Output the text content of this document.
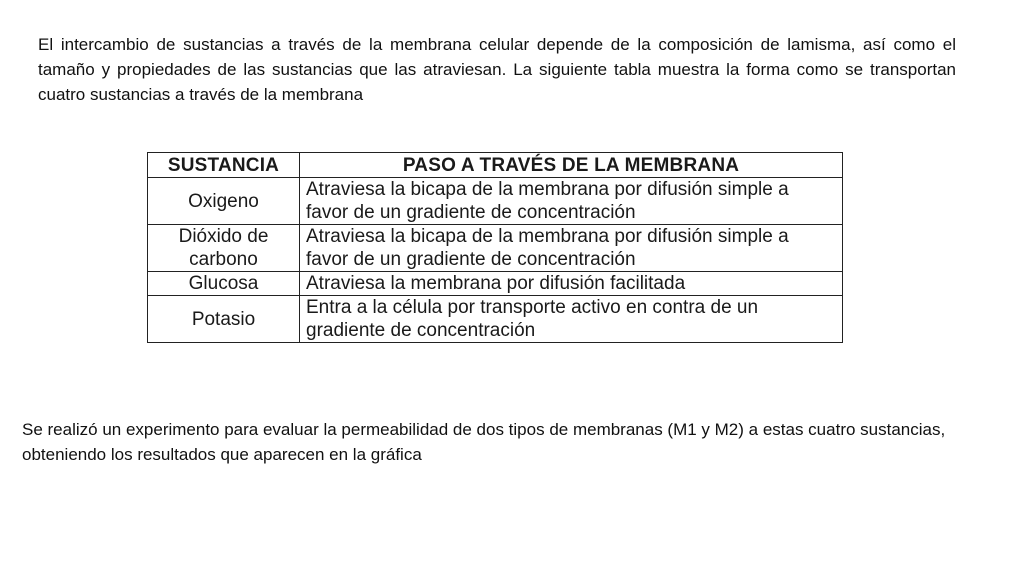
El intercambio de sustancias a través de la membrana celular depende de la composición de lamisma, así como el tamaño y propiedades de las sustancias que las atraviesan. La siguiente tabla muestra la forma como se transportan cuatro sustancias a través de la membrana

SUSTANCIA	PASO A TRAVÉS DE LA MEMBRANA
Oxigeno	Atraviesa la bicapa de la membrana por difusión simple a favor de un gradiente de concentración
Dióxido de carbono	Atraviesa la bicapa de la membrana por difusión simple a favor de un gradiente de concentración
Glucosa	Atraviesa la membrana por difusión facilitada
Potasio	Entra a la célula por transporte activo en contra de un gradiente de concentración

Se realizó un experimento para evaluar la permeabilidad de dos tipos de membranas (M1 y M2) a estas cuatro sustancias, obteniendo los resultados que aparecen en la gráfica
